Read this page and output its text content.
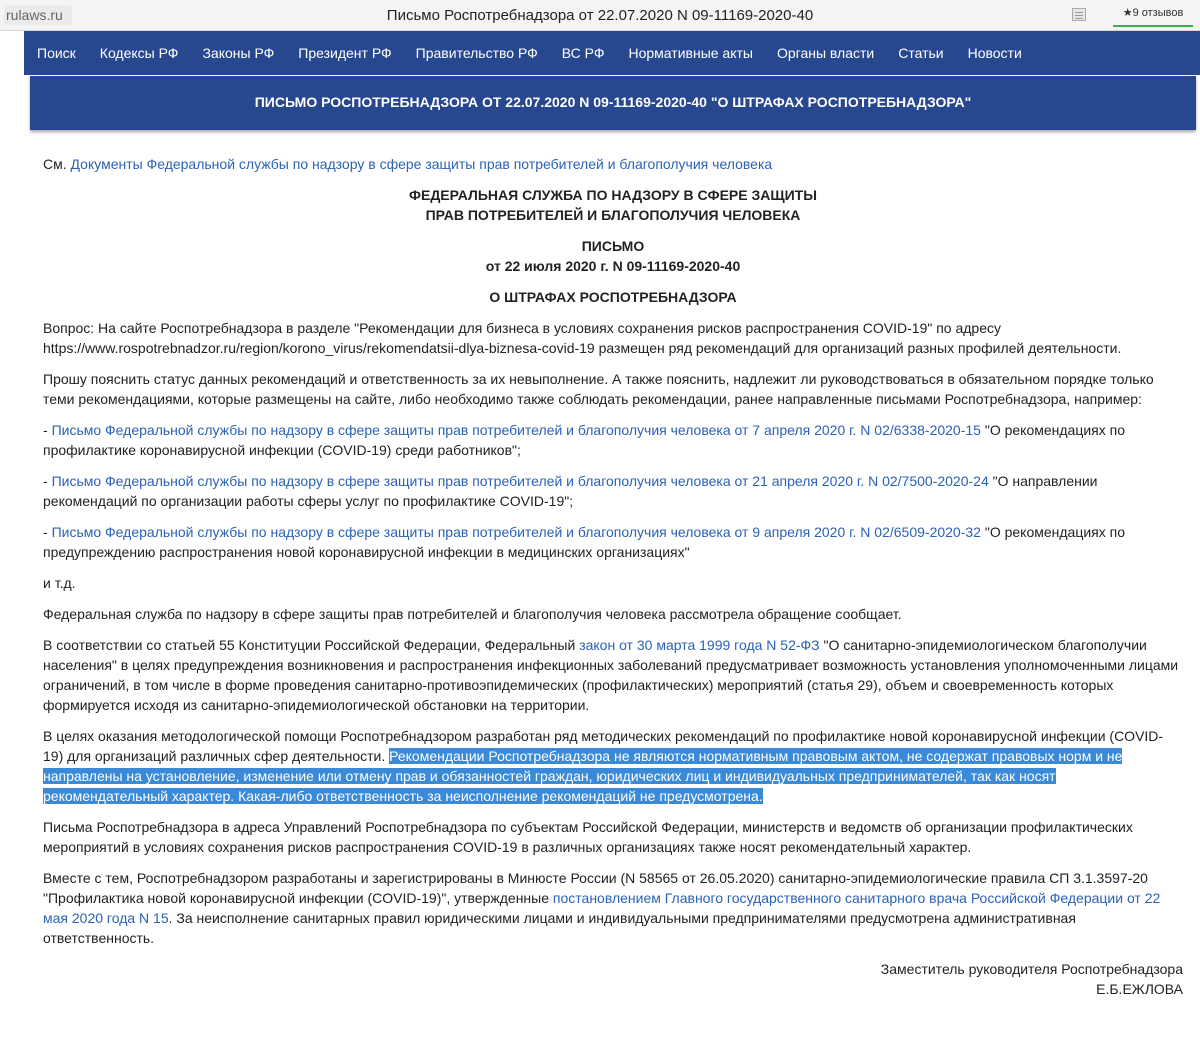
rulaws.ru	Письмо Роспотребнадзора от 22.07.2020 N 09-11169-2020-40	★9 отзывов
Поиск	Кодексы РФ	Законы РФ	Президент РФ	Правительство РФ	ВС РФ	Нормативные акты	Органы власти	Статьи	Новости
ПИСЬМО РОСПОТРЕБНАДЗОРА ОТ 22.07.2020 N 09-11169-2020-40 "О ШТРАФАХ РОСПОТРЕБНАДЗОРА"

См. Документы Федеральной службы по надзору в сфере защиты прав потребителей и благополучия человека

ФЕДЕРАЛЬНАЯ СЛУЖБА ПО НАДЗОРУ В СФЕРЕ ЗАЩИТЫ
ПРАВ ПОТРЕБИТЕЛЕЙ И БЛАГОПОЛУЧИЯ ЧЕЛОВЕКА
ПИСЬМО
от 22 июля 2020 г. N 09-11169-2020-40
О ШТРАФАХ РОСПОТРЕБНАДЗОРА

Вопрос: На сайте Роспотребнадзора в разделе "Рекомендации для бизнеса в условиях сохранения рисков распространения COVID-19" по адресу https://www.rospotrebnadzor.ru/region/korono_virus/rekomendatsii-dlya-biznesa-covid-19 размещен ряд рекомендаций для организаций разных профилей деятельности.

Прошу пояснить статус данных рекомендаций и ответственность за их невыполнение. А также пояснить, надлежит ли руководствоваться в обязательном порядке только теми рекомендациями, которые размещены на сайте, либо необходимо также соблюдать рекомендации, ранее направленные письмами Роспотребнадзора, например:

- Письмо Федеральной службы по надзору в сфере защиты прав потребителей и благополучия человека от 7 апреля 2020 г. N 02/6338-2020-15 "О рекомендациях по профилактике коронавирусной инфекции (COVID-19) среди работников";

- Письмо Федеральной службы по надзору в сфере защиты прав потребителей и благополучия человека от 21 апреля 2020 г. N 02/7500-2020-24 "О направлении рекомендаций по организации работы сферы услуг по профилактике COVID-19";

- Письмо Федеральной службы по надзору в сфере защиты прав потребителей и благополучия человека от 9 апреля 2020 г. N 02/6509-2020-32 "О рекомендациях по предупреждению распространения новой коронавирусной инфекции в медицинских организациях"

и т.д.

Федеральная служба по надзору в сфере защиты прав потребителей и благополучия человека рассмотрела обращение сообщает.

В соответствии со статьей 55 Конституции Российской Федерации, Федеральный закон от 30 марта 1999 года N 52-ФЗ "О санитарно-эпидемиологическом благополучии населения" в целях предупреждения возникновения и распространения инфекционных заболеваний предусматривает возможность установления уполномоченными лицами ограничений, в том числе в форме проведения санитарно-противоэпидемических (профилактических) мероприятий (статья 29), объем и своевременность которых формируется исходя из санитарно-эпидемиологической обстановки на территории.

В целях оказания методологической помощи Роспотребнадзором разработан ряд методических рекомендаций по профилактике новой коронавирусной инфекции (COVID-19) для организаций различных сфер деятельности. Рекомендации Роспотребнадзора не являются нормативным правовым актом, не содержат правовых норм и не направлены на установление, изменение или отмену прав и обязанностей граждан, юридических лиц и индивидуальных предпринимателей, так как носят рекомендательный характер. Какая-либо ответственность за неисполнение рекомендаций не предусмотрена.

Письма Роспотребнадзора в адреса Управлений Роспотребнадзора по субъектам Российской Федерации, министерств и ведомств об организации профилактических мероприятий в условиях сохранения рисков распространения COVID-19 в различных организациях также носят рекомендательный характер.

Вместе с тем, Роспотребнадзором разработаны и зарегистрированы в Минюсте России (N 58565 от 26.05.2020) санитарно-эпидемиологические правила СП 3.1.3597-20 "Профилактика новой коронавирусной инфекции (COVID-19)", утвержденные постановлением Главного государственного санитарного врача Российской Федерации от 22 мая 2020 года N 15. За неисполнение санитарных правил юридическими лицами и индивидуальными предпринимателями предусмотрена административная ответственность.

Заместитель руководителя Роспотребнадзора
Е.Б.ЕЖЛОВА
